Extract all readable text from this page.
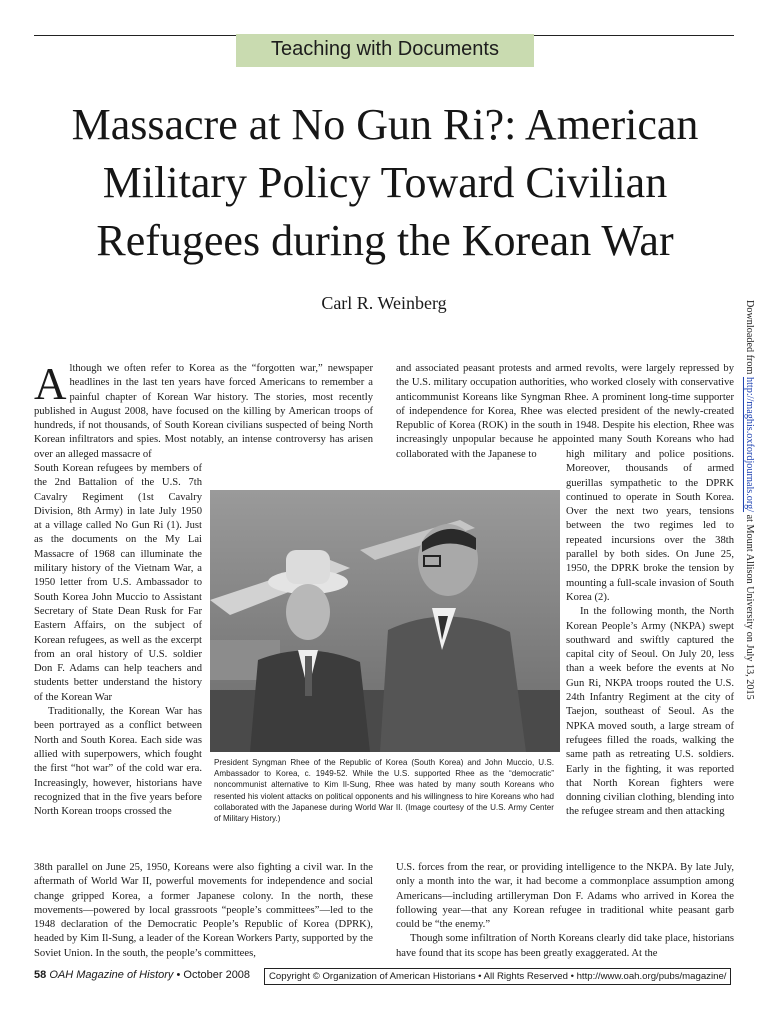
Teaching with Documents
Massacre at No Gun Ri?: American
Military Policy Toward Civilian
Refugees during the Korean War
Carl R. Weinberg	Downloaded from http://maghis.oxfordjournals.org/ at Mount Allison University on July 13, 2015

Although we often refer to Korea as the “forgotten war,” newspaper headlines in the last ten years have forced Americans to remember a painful chapter of Korean War history. The stories, most recently published in August 2008, have focused on the killing by American troops of hundreds, if not thousands, of South Korean civilians suspected of being North Korean infiltrators and spies. Most notably, an intense controversy has arisen over an alleged massacre of

South Korean refugees by members of the 2nd Battalion of the U.S. 7th Cavalry Regiment (1st Cavalry Division, 8th Army) in late July 1950 at a village called No Gun Ri (1). Just as the documents on the My Lai Massacre of 1968 can illuminate the military history of the Vietnam War, a 1950 letter from U.S. Ambassador to South Korea John Muccio to Assistant Secretary of State Dean Rusk for Far Eastern Affairs, on the subject of Korean refugees, as well as the excerpt from an oral history of U.S. soldier Don F. Adams can help teachers and students better understand the history of the Korean War

Traditionally, the Korean War has been portrayed as a conflict between North and South Korea. Each side was allied with superpowers, which fought the first “hot war” of the cold war era. Increasingly, however, historians have recognized that in the five years before North Korean troops crossed the

38th parallel on June 25, 1950, Koreans were also fighting a civil war. In the aftermath of World War II, powerful movements for independence and social change gripped Korea, a former Japanese colony. In the north, these movements—powered by local grassroots “people’s committees”—led to the 1948 declaration of the Democratic People’s Republic of Korea (DPRK), headed by Kim Il-Sung, a leader of the Korean Workers Party, supported by the Soviet Union. In the south, the people’s committees,

and associated peasant protests and armed revolts, were largely repressed by the U.S. military occupation authorities, who worked closely with conservative anticommunist Koreans like Syngman Rhee. A prominent long-time supporter of independence for Korea, Rhee was elected president of the newly-created Republic of Korea (ROK) in the south in 1948. Despite his election, Rhee was increasingly unpopular because he appointed many South Koreans who had collaborated with the Japanese to	high military and police positions. Moreover, thousands of armed guerillas sympathetic to the DPRK continued to operate in South Korea. Over the next two years, tensions between the two regimes led to repeated incursions over the 38th parallel by both sides. On June 25, 1950, the DPRK broke the tension by mounting a full-scale invasion of South Korea (2).

In the following month, the North Korean People’s Army (NKPA) swept southward and swiftly captured the capital city of Seoul. On July 20, less than a week before the events at No Gun Ri, NKPA troops routed the U.S. 24th Infantry Regiment at the city of Taejon, southeast of Seoul. As the NPKA moved south, a large stream of refugees filled the roads, walking the same path as retreating U.S. soldiers. Early in the fighting, it was reported that North Korean fighters were donning civilian clothing, blending into the refugee stream and then attacking

U.S. forces from the rear, or providing intelligence to the NKPA. By late July, only a month into the war, it had become a commonplace assumption among Americans—including artilleryman Don F. Adams who arrived in Korea the following year—that any Korean refugee in traditional white peasant garb could be “the enemy.”

Though some infiltration of North Koreans clearly did take place, historians have found that its scope has been greatly exaggerated. At the

President Syngman Rhee of the Republic of Korea (South Korea) and John Muccio, U.S. Ambassador to Korea, c. 1949-52. While the U.S. supported Rhee as the “democratic” noncommunist alternative to Kim Il-Sung, Rhee was hated by many south Koreans who resented his violent attacks on political opponents and his willingness to hire Koreans who had collaborated with the Japanese during World War II. (Image courtesy of the U.S. Army Center of Military History.)
58 OAH Magazine of History • October 2008	Copyright © Organization of American Historians • All Rights Reserved • http://www.oah.org/pubs/magazine/
